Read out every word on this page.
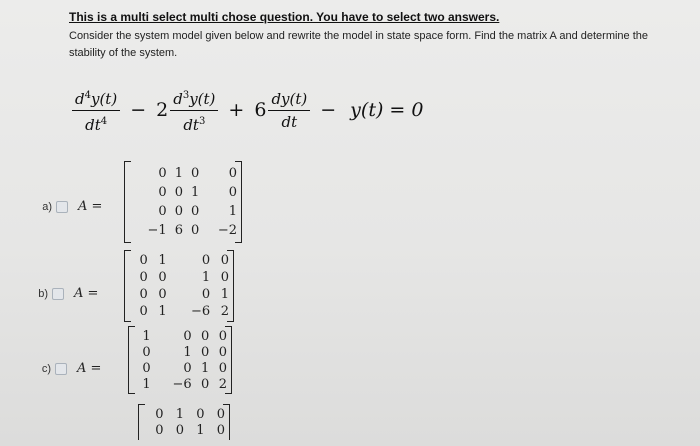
This is a multi select multi chose question. You have to select two answers.

Consider the system model given below and rewrite the model in state space form. Find the matrix A and determine the stability of the system.

$\frac{d^4y(t)}{dt^4} - 2 \frac{d^3y(t)}{dt^3} + 6 \frac{dy(t)}{dt} - y(t) = 0$
a) A =
0	1	0	0
0	0	1	0
0	0	0	1
−1	6	0	−2
b) A =
0	1	0	0
0	0	1	0
0	0	0	1
0	1	−6	2
c) A =
1	0	0	0
0	1	0	0
0	0	1	0
1	−6	0	2
0	1	0	0
0	0	1	0
